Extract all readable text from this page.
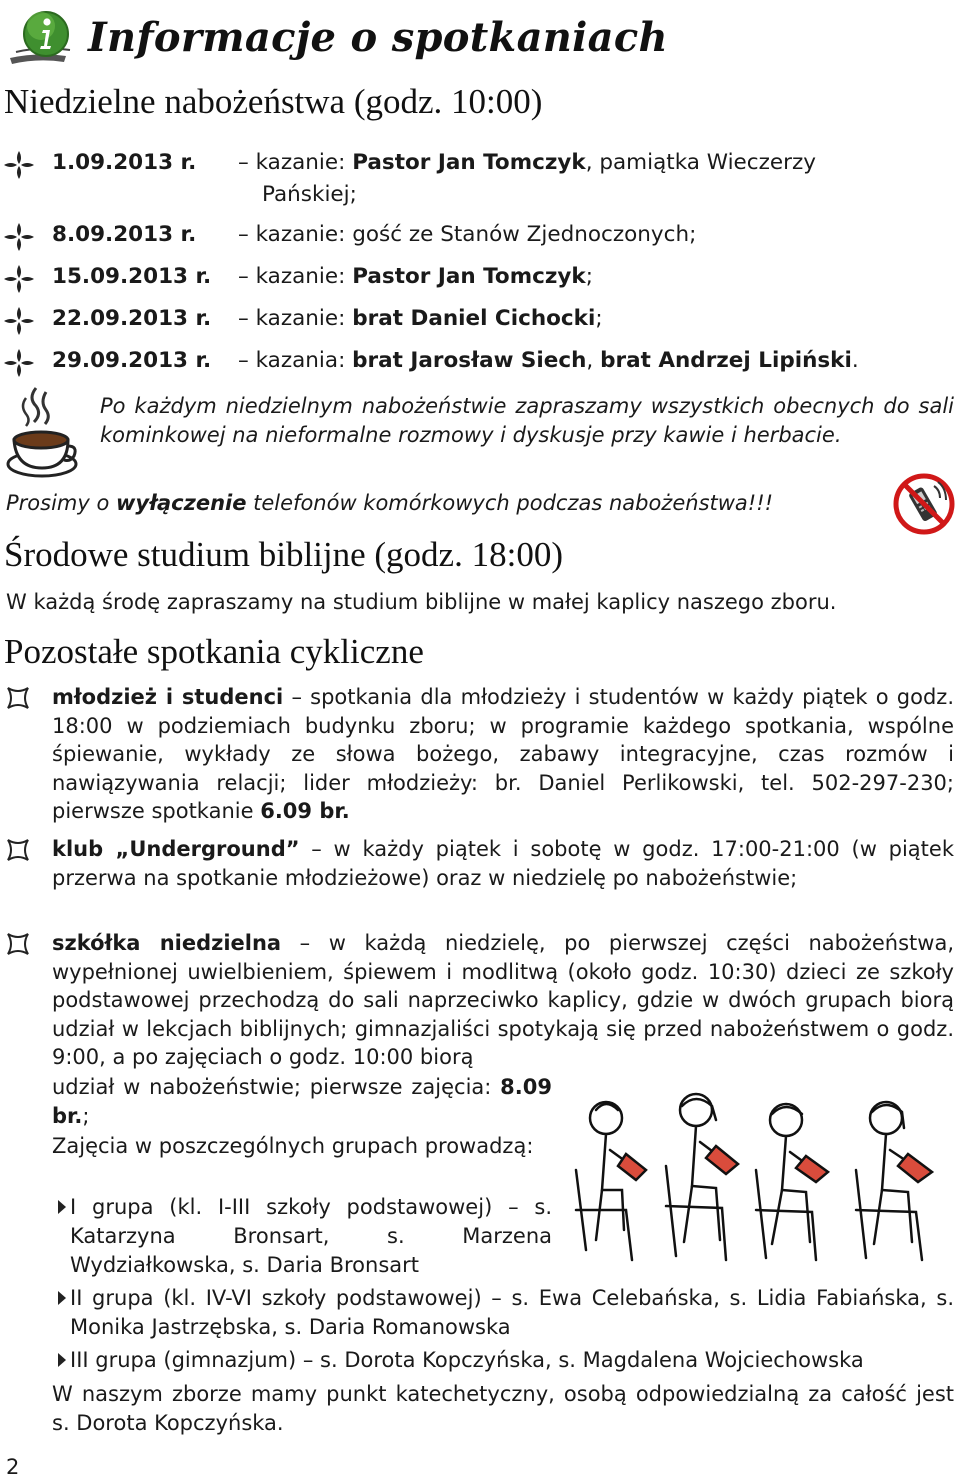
Informacje o spotkaniach
Niedzielne nabożeństwa (godz. 10:00)
1.09.2013 r. – kazanie: Pastor Jan Tomczyk, pamiątka Wieczerzy
Pańskiej;
8.09.2013 r. – kazanie: gość ze Stanów Zjednoczonych;
15.09.2013 r. – kazanie: Pastor Jan Tomczyk;
22.09.2013 r. – kazanie: brat Daniel Cichocki;
29.09.2013 r. – kazania: brat Jarosław Siech, brat Andrzej Lipiński.
Po każdym niedzielnym nabożeństwie zapraszamy wszystkich obecnych do sali kominkowej na nieformalne rozmowy i dyskusje przy kawie i herbacie.
Prosimy o wyłączenie telefonów komórkowych podczas nabożeństwa!!!
Środowe studium biblijne (godz. 18:00)
W każdą środę zapraszamy na studium biblijne w małej kaplicy naszego zboru.
Pozostałe spotkania cykliczne
młodzież i studenci – spotkania dla młodzieży i studentów w każdy piątek o godz. 18:00 w podziemiach budynku zboru; w programie każdego spotkania, wspólne śpiewanie, wykłady ze słowa bożego, zabawy integracyjne, czas rozmów i nawiązywania relacji; lider młodzieży: br. Daniel Perlikowski, tel. 502-297-230; pierwsze spotkanie 6.09 br.
klub „Underground” – w każdy piątek i sobotę w godz. 17:00-21:00 (w piątek przerwa na spotkanie młodzieżowe) oraz w niedzielę po nabożeństwie;
szkółka niedzielna – w każdą niedzielę, po pierwszej części nabożeństwa, wypełnionej uwielbieniem, śpiewem i modlitwą (około godz. 10:30) dzieci ze szkoły podstawowej przechodzą do sali naprzeciwko kaplicy, gdzie w dwóch grupach biorą udział w lekcjach biblijnych; gimnazjaliści spotykają się przed nabożeństwem o godz. 9:00, a po zajęciach o godz. 10:00 biorą
udział w nabożeństwie; pierwsze zajęcia: 8.09 br.;
Zajęcia w poszczególnych grupach prowadzą:
I grupa (kl. I-III szkoły podstawowej) – s. Katarzyna Bronsart, s. Marzena Wydziałkowska, s. Daria Bronsart
II grupa (kl. IV-VI szkoły podstawowej) – s. Ewa Celebańska, s. Lidia Fabiańska, s. Monika Jastrzębska, s. Daria Romanowska
III grupa (gimnazjum) – s. Dorota Kopczyńska, s. Magdalena Wojciechowska
W naszym zborze mamy punkt katechetyczny, osobą odpowiedzialną za całość jest s. Dorota Kopczyńska.
2
